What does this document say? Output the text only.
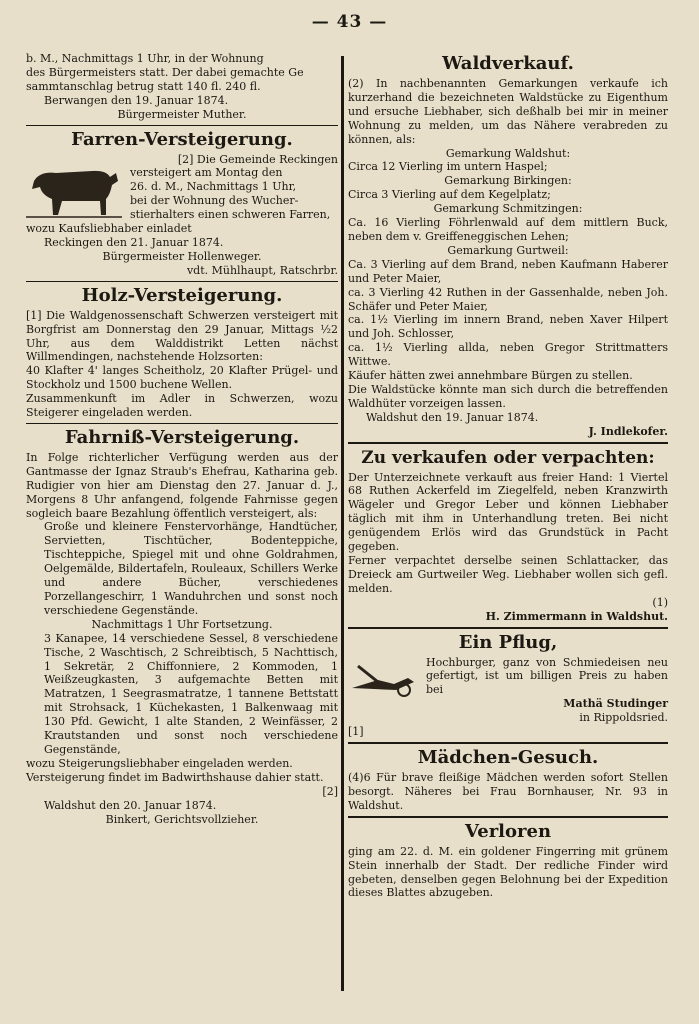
— 43 —
b. M., Nachmittags 1 Uhr, in der Wohnung
des Bürgermeisters statt. Der dabei gemachte Ge
sammtanschlag betrug statt 140 fl. 240 fl.
Berwangen den 19. Januar 1874.
Bürgermeister Muther.
Farren-Versteigerung.
[2] Die Gemeinde Reckingen
versteigert am Montag den
26. d. M., Nachmittags 1 Uhr,
bei der Wohnung des Wucher-
stierhalters einen schweren Farren,
wozu Kaufsliebhaber einladet
Reckingen den 21. Januar 1874.
Bürgermeister Hollenweger.
vdt. Mühlhaupt, Ratschrbr.
Holz-Versteigerung.
[1] Die Waldgenossenschaft Schwerzen versteigert mit Borgfrist am Donnerstag den 29 Januar, Mittags ½2 Uhr, aus dem Walddistrikt Letten nächst Willmendingen, nachstehende Holzsorten:
40 Klafter 4' langes Scheitholz, 20 Klafter Prügel- und Stockholz und 1500 buchene Wellen.
Zusammenkunft im Adler in Schwerzen, wozu Steigerer eingeladen werden.
Fahrniß-Versteigerung.
In Folge richterlicher Verfügung werden aus der Gantmasse der Ignaz Straub's Ehefrau, Katharina geb. Rudigier von hier am Dienstag den 27. Januar d. J., Morgens 8 Uhr anfangend, folgende Fahrnisse gegen sogleich baare Bezahlung öffentlich versteigert, als:
Große und kleinere Fenstervorhänge, Handtücher, Servietten, Tischtücher, Bodenteppiche, Tischteppiche, Spiegel mit und ohne Goldrahmen, Oelgemälde, Bildertafeln, Rouleaux, Schillers Werke und andere Bücher, verschiedenes Porzellangeschirr, 1 Wanduhrchen und sonst noch verschiedene Gegenstände.
Nachmittags 1 Uhr Fortsetzung.
3 Kanapee, 14 verschiedene Sessel, 8 verschiedene Tische, 2 Waschtisch, 2 Schreibtisch, 5 Nachttisch, 1 Sekretär, 2 Chiffonniere, 2 Kommoden, 1 Weißzeugkasten, 3 aufgemachte Betten mit Matratzen, 1 Seegrasmatratze, 1 tannene Bettstatt mit Strohsack, 1 Küchekasten, 1 Balkenwaag mit 130 Pfd. Gewicht, 1 alte Standen, 2 Weinfässer, 2 Krautstanden und sonst noch verschiedene Gegenstände,
wozu Steigerungsliebhaber eingeladen werden.
Versteigerung findet im Badwirthshause dahier statt.
[2]
Waldshut den 20. Januar 1874.
Binkert, Gerichtsvollzieher.
Waldverkauf.
(2) In nachbenannten Gemarkungen verkaufe ich kurzerhand die bezeichneten Waldstücke zu Eigenthum und ersuche Liebhaber, sich deßhalb bei mir in meiner Wohnung zu melden, um das Nähere verabreden zu können, als:
Gemarkung Waldshut:
Circa 12 Vierling im untern Haspel;
Gemarkung Birkingen:
Circa 3 Vierling auf dem Kegelplatz;
Gemarkung Schmitzingen:
Ca. 16 Vierling Föhrlenwald auf dem mittlern Buck, neben dem v. Greiffeneggischen Lehen;
Gemarkung Gurtweil:
Ca. 3 Vierling auf dem Brand, neben Kaufmann Haberer und Peter Maier,
ca. 3 Vierling 42 Ruthen in der Gassenhalde, neben Joh. Schäfer und Peter Maier,
ca. 1½ Vierling im innern Brand, neben Xaver Hilpert und Joh. Schlosser,
ca. 1½ Vierling allda, neben Gregor Strittmatters Wittwe.
Käufer hätten zwei annehmbare Bürgen zu stellen.
Die Waldstücke könnte man sich durch die betreffenden Waldhüter vorzeigen lassen.
Waldshut den 19. Januar 1874.
J. Indlekofer.
Zu verkaufen oder verpachten:
Der Unterzeichnete verkauft aus freier Hand: 1 Viertel 68 Ruthen Ackerfeld im Ziegelfeld, neben Kranzwirth Wägeler und Gregor Leber und können Liebhaber täglich mit ihm in Unterhandlung treten. Bei nicht genügendem Erlös wird das Grundstück in Pacht gegeben.
Ferner verpachtet derselbe seinen Schlattacker, das Dreieck am Gurtweiler Weg. Liebhaber wollen sich gefl. melden.
(1)
H. Zimmermann in Waldshut.
Ein Pflug,
Hochburger, ganz von Schmiedeisen neu gefertigt, ist um billigen Preis zu haben bei
Mathä Studinger
in Rippoldsried.
[1]
Mädchen-Gesuch.
(4)6 Für brave fleißige Mädchen werden sofort Stellen besorgt. Näheres bei Frau Bornhauser, Nr. 93 in Waldshut.
Verloren
ging am 22. d. M. ein goldener Fingerring mit grünem Stein innerhalb der Stadt. Der redliche Finder wird gebeten, denselben gegen Belohnung bei der Expedition dieses Blattes abzugeben.
